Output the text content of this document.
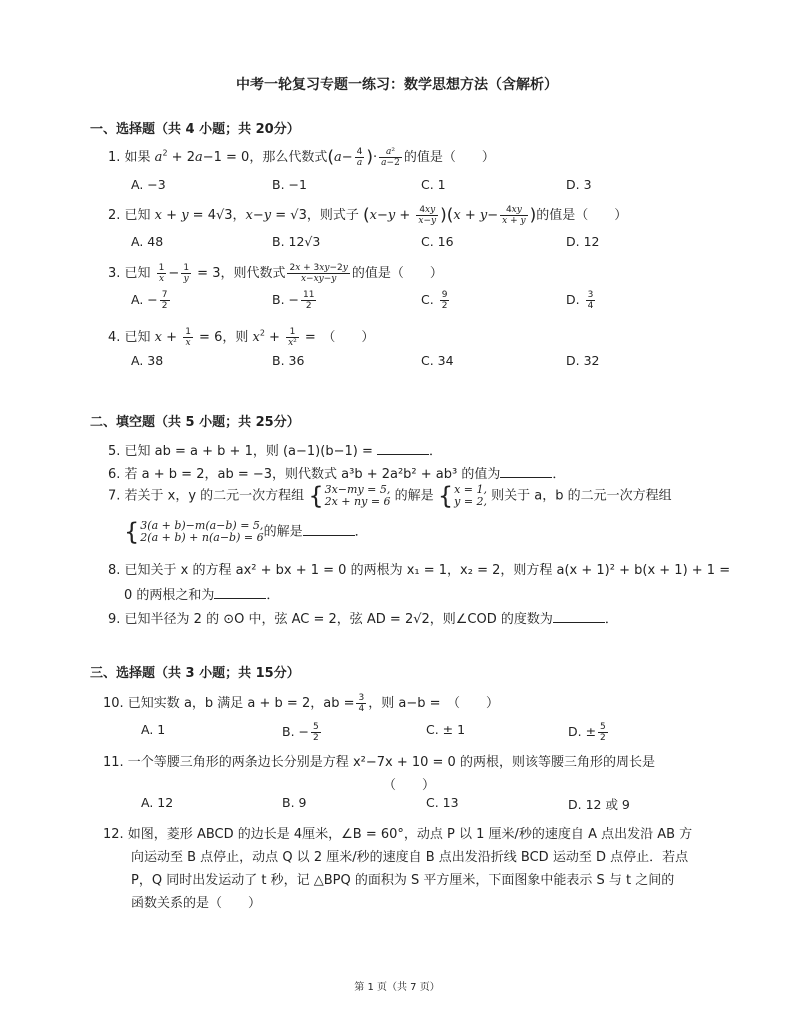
中考一轮复习专题一练习：数学思想方法（含解析）
一、选择题（共 4 小题；共 20分）
1. 如果 $a^2 + 2a-1 = 0$，那么代数式($a- \frac{4}{a}$ )· $\frac{\text{a²}}{a-2}$ 的值是（　　）
A. −3	B. −1	C. 1	D. 3
2. 已知 x + y = 4√3，x−y = √3，则式子 $(x-y + \frac{4xy}{x-y} )(x + y- \frac{4xy}{x + y}$ )的值是（　　）
A. 48	B. 12√3	C. 16	D. 12
3. 已知 $\frac{1}{x} - \frac{1}{y} = 3$，则代数式 $\frac{2x + 3xy-2y}{x-xy-y}$ 的值是（　　）
A. − $\frac{7}{2}$	B. − $\frac{11}{2}$	C. $\frac{9}{2}$	D. $\frac{3}{4}$
4. 已知 $x + \frac{1}{x} = 6$，则 $x^2 + \frac{1}{\text{x²}}$ =　（　　）
A. 38	B. 36	C. 34	D. 32
二、填空题（共 5 小题；共 25分）
5. 已知 ab = a + b + 1，则 (a−1)(b−1) =	．
6. 若 a + b = 2，ab = −3，则代数式 a³b + 2a²b² + ab³ 的值为	．
7. 若关于 x，y 的二元一次方程组 {3x−my = 5,
2x + ny = 6 的解是 {x = 1,
y = 2, 则关于 a，b 的二元一次方程组
{3(a + b)−m(a−b) = 5,
2(a + b) + n(a−b) = 6的解是	．
8. 已知关于 x 的方程 ax² + bx + 1 = 0 的两根为 x₁ = 1，x₂ = 2，则方程 a(x + 1)² + b(x + 1) + 1 =
0 的两根之和为	．
9. 已知半径为 2 的 ⊙O 中，弦 AC = 2，弦 AD = 2√2，则∠COD 的度数为	．
三、选择题（共 3 小题；共 15分）
10. 已知实数 a，b 满足 a + b = 2，ab = $\frac{3}{4}$ ，则 a−b =　（　　）
A. 1	B. − $\frac{5}{2}$	C. ± 1	D. ± $\frac{5}{2}$
11. 一个等腰三角形的两条边长分别是方程 x²−7x + 10 = 0 的两根，则该等腰三角形的周长是
（　　）
A. 12	B. 9	C. 13	D. 12 或 9
12. 如图，菱形 ABCD 的边长是 4厘米，∠B = 60°，动点 P 以 1 厘米/秒的速度自 A 点出发沿 AB 方
向运动至 B 点停止，动点 Q 以 2 厘米/秒的速度自 B 点出发沿折线 BCD 运动至 D 点停止．若点
P，Q 同时出发运动了 t 秒，记 △BPQ 的面积为 S 平方厘米，下面图象中能表示 S 与 t 之间的
函数关系的是（　　）
第 1 页（共 7 页）
